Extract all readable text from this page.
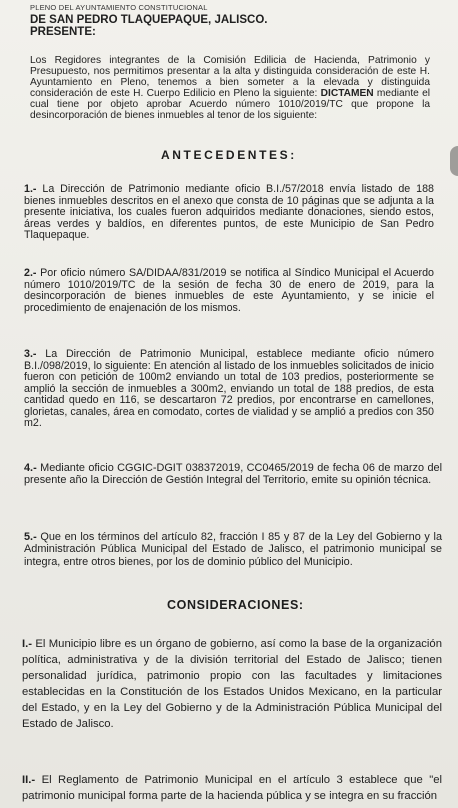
PLENO DEL AYUNTAMIENTO CONSTITUCIONAL
DE SAN PEDRO TLAQUEPAQUE, JALISCO.
PRESENTE:
Los Regidores integrantes de la Comisión Edilicia de Hacienda, Patrimonio y Presupuesto, nos permitimos presentar a la alta y distinguida consideración de este H. Ayuntamiento en Pleno, tenemos a bien someter a la elevada y distinguida consideración de este H. Cuerpo Edilicio en Pleno la siguiente: DICTAMEN mediante el cual tiene por objeto aprobar Acuerdo número 1010/2019/TC que propone la desincorporación de bienes inmuebles al tenor de los siguiente:
ANTECEDENTES:
1.- La Dirección de Patrimonio mediante oficio B.I./57/2018 envía listado de 188 bienes inmuebles descritos en el anexo que consta de 10 páginas que se adjunta a la presente iniciativa, los cuales fueron adquiridos mediante donaciones, siendo estos, áreas verdes y baldíos, en diferentes puntos, de este Municipio de San Pedro Tlaquepaque.
2.- Por oficio número SA/DIDAA/831/2019 se notifica al Síndico Municipal el Acuerdo número 1010/2019/TC de la sesión de fecha 30 de enero de 2019, para la desincorporación de bienes inmuebles de este Ayuntamiento, y se inicie el procedimiento de enajenación de los mismos.
3.- La Dirección de Patrimonio Municipal, establece mediante oficio número B.I./098/2019, lo siguiente: En atención al listado de los inmuebles solicitados de inicio fueron con petición de 100m2 enviando un total de 103 predios, posteriormente se amplió la sección de inmuebles a 300m2, enviando un total de 188 predios, de esta cantidad quedo en 116, se descartaron 72 predios, por encontrarse en camellones, glorietas, canales, área en comodato, cortes de vialidad y se amplió a predios con 350 m2.
4.- Mediante oficio CGGIC-DGIT 038372019, CC0465/2019 de fecha 06 de marzo del presente año la Dirección de Gestión Integral del Territorio, emite su opinión técnica.
5.- Que en los términos del artículo 82, fracción I 85 y 87 de la Ley del Gobierno y la Administración Pública Municipal del Estado de Jalisco, el patrimonio municipal se integra, entre otros bienes, por los de dominio público del Municipio.
CONSIDERACIONES:
I.- El Municipio libre es un órgano de gobierno, así como la base de la organización política, administrativa y de la división territorial del Estado de Jalisco; tienen personalidad jurídica, patrimonio propio con las facultades y limitaciones establecidas en la Constitución de los Estados Unidos Mexicano, en la particular del Estado, y en la Ley del Gobierno y de la Administración Pública Municipal del Estado de Jalisco.
II.- El Reglamento de Patrimonio Municipal en el artículo 3 establece que "el patrimonio municipal forma parte de la hacienda pública y se integra en su fracción
